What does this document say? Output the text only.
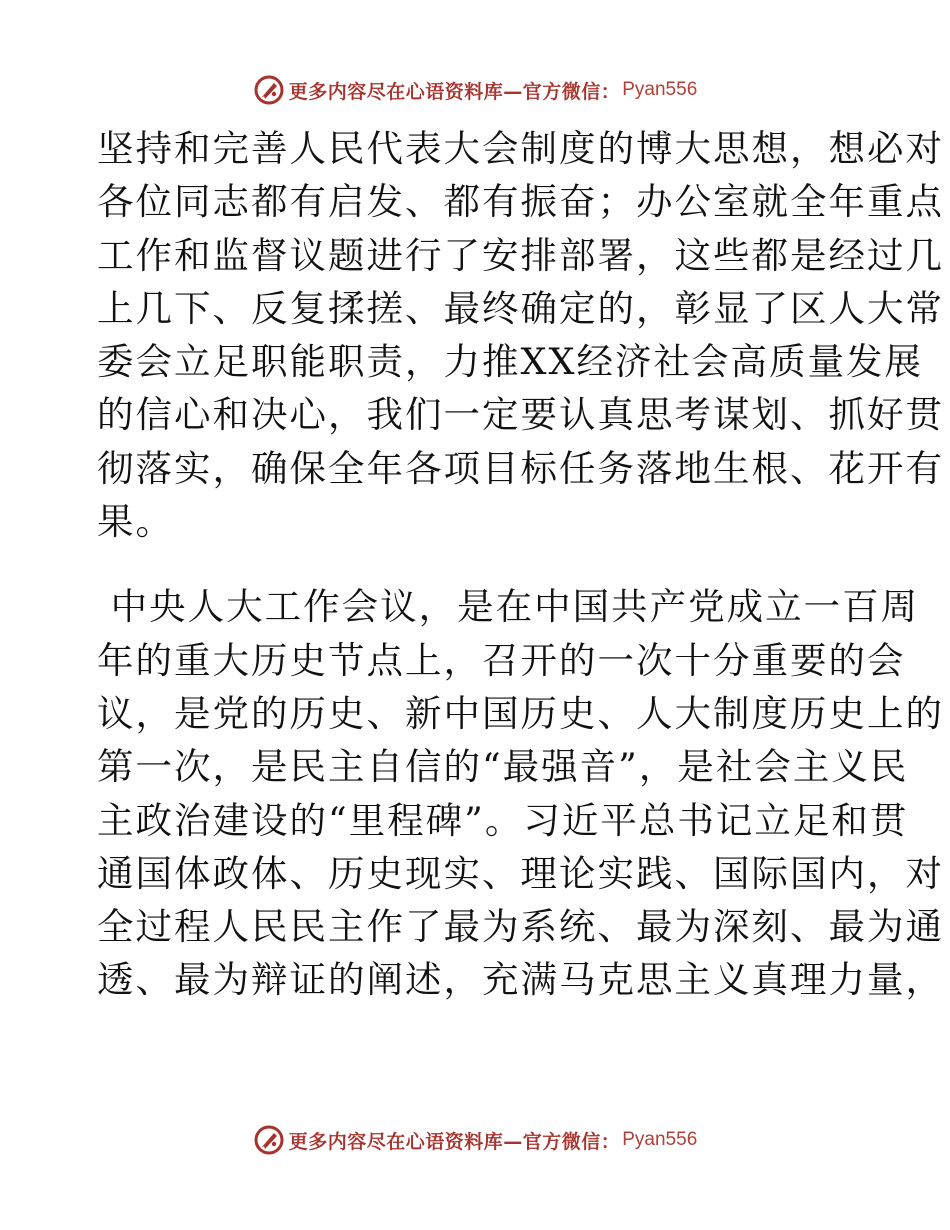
更多内容尽在心语资料库—官方微信： Pyan556

坚持和完善人民代表大会制度的博大思想，想必对
各位同志都有启发、都有振奋；办公室就全年重点
工作和监督议题进行了安排部署，这些都是经过几
上几下、反复揉搓、最终确定的，彰显了区人大常
委会立足职能职责，力推XX经济社会高质量发展
的信心和决心，我们一定要认真思考谋划、抓好贯
彻落实，确保全年各项目标任务落地生根、花开有
果。

中央人大工作会议，是在中国共产党成立一百周
年的重大历史节点上，召开的一次十分重要的会
议，是党的历史、新中国历史、人大制度历史上的
第一次，是民主自信的“最强音”，是社会主义民
主政治建设的“里程碑”。习近平总书记立足和贯
通国体政体、历史现实、理论实践、国际国内，对
全过程人民民主作了最为系统、最为深刻、最为通
透、最为辩证的阐述，充满马克思主义真理力量，

更多内容尽在心语资料库—官方微信： Pyan556
